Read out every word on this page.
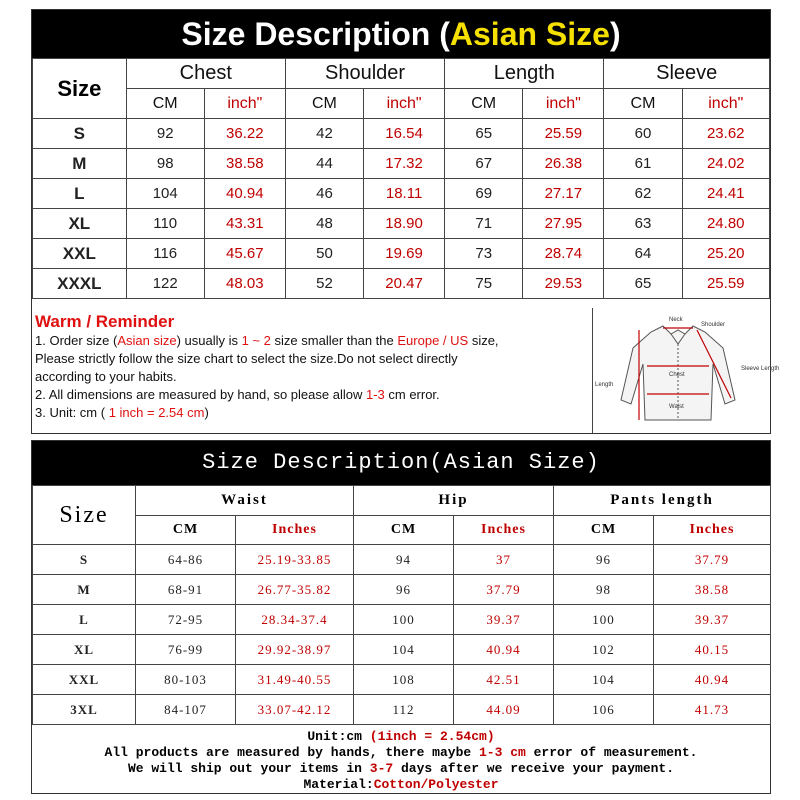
Size Description (Asian Size)
Size	Chest		Shoulder		Length		Sleeve	
	CM	inch"	CM	inch"	CM	inch"	CM	inch"
S	92	36.22	42	16.54	65	25.59	60	23.62
M	98	38.58	44	17.32	67	26.38	61	24.02
L	104	40.94	46	18.11	69	27.17	62	24.41
XL	110	43.31	48	18.90	71	27.95	63	24.80
XXL	116	45.67	50	19.69	73	28.74	64	25.20
XXXL	122	48.03	52	20.47	75	29.53	65	25.59
Warm / Reminder
1. Order size (Asian size) usually is 1 ~ 2 size smaller than the Europe / US size,
Please strictly follow the size chart to select the size.Do not select directly
according to your habits.
2. All dimensions are measured by hand, so please allow 1-3 cm error.
3. Unit: cm ( 1 inch = 2.54 cm)
Neck
Shoulder
Sleeve Length
Length
Chest
Waist
Size Description(Asian Size)
Size	Waist		Hip		Pants length	
	CM	Inches	CM	Inches	CM	Inches
S	64-86	25.19-33.85	94	37	96	37.79
M	68-91	26.77-35.82	96	37.79	98	38.58
L	72-95	28.34-37.4	100	39.37	100	39.37
XL	76-99	29.92-38.97	104	40.94	102	40.15
XXL	80-103	31.49-40.55	108	42.51	104	40.94
3XL	84-107	33.07-42.12	112	44.09	106	41.73
Unit:cm (1inch = 2.54cm)
All products are measured by hands, there maybe 1-3 cm error of measurement.
We will ship out your items in 3-7 days after we receive your payment.
Material:Cotton/Polyester
